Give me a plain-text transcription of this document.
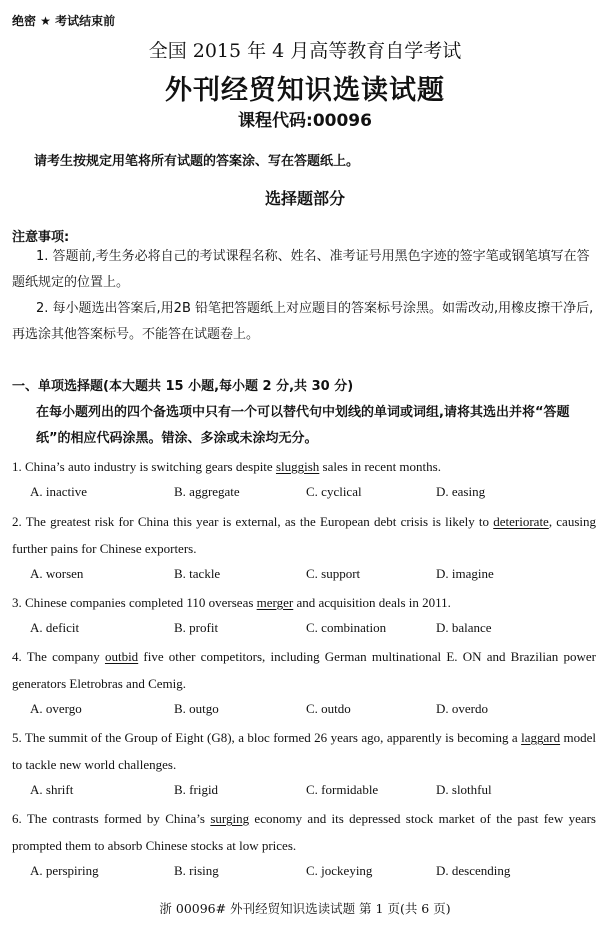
绝密 ★ 考试结束前
全国 2015 年 4 月高等教育自学考试
外刊经贸知识选读试题
课程代码:00096
请考生按规定用笔将所有试题的答案涂、写在答题纸上。
选择题部分
注意事项:
1. 答题前,考生务必将自己的考试课程名称、姓名、准考证号用黑色字迹的签字笔或钢笔填写在答题纸规定的位置上。
2. 每小题选出答案后,用2B 铅笔把答题纸上对应题目的答案标号涂黑。如需改动,用橡皮擦干净后,再选涂其他答案标号。不能答在试题卷上。
一、单项选择题(本大题共 15 小题,每小题 2 分,共 30 分)
在每小题列出的四个备选项中只有一个可以替代句中划线的单词或词组,请将其选出并将“答题纸”的相应代码涂黑。错涂、多涂或未涂均无分。
1. China’s auto industry is switching gears despite sluggish sales in recent months.
A. inactive	B. aggregate	C. cyclical	D. easing
2. The greatest risk for China this year is external, as the European debt crisis is likely to deteriorate, causing further pains for Chinese exporters.
A. worsen	B. tackle	C. support	D. imagine
3. Chinese companies completed 110 overseas merger and acquisition deals in 2011.
A. deficit	B. profit	C. combination	D. balance
4. The company outbid five other competitors, including German multinational E. ON and Brazilian power generators Eletrobras and Cemig.
A. overgo	B. outgo	C. outdo	D. overdo
5. The summit of the Group of Eight (G8), a bloc formed 26 years ago, apparently is becoming a laggard model to tackle new world challenges.
A. shrift	B. frigid	C. formidable	D. slothful
6. The contrasts formed by China’s surging economy and its depressed stock market of the past few years prompted them to absorb Chinese stocks at low prices.
A. perspiring	B. rising	C. jockeying	D. descending
浙 00096# 外刊经贸知识选读试题 第 1 页(共 6 页)
